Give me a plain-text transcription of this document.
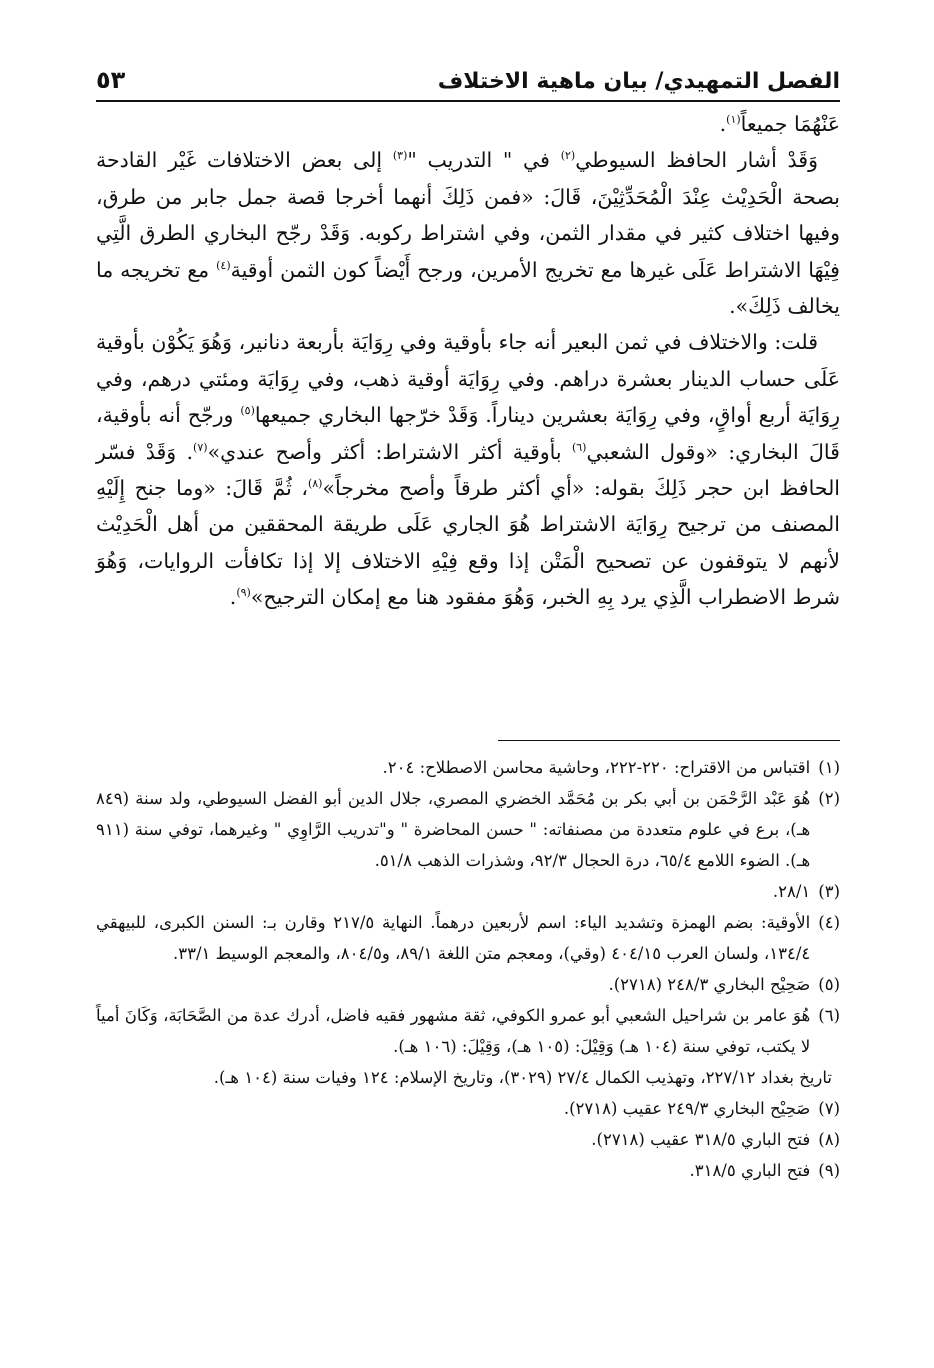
الفصل التمهيدي/ بيان ماهية الاختلاف
٥٣

عَنْهُمَا جميعاً$^{(١)}$.

وَقَدْ أشار الحافظ السيوطي$^{(٢)}$ في " التدريب "$^{(٣)}$ إلى بعض الاختلافات غَيْر القادحة بصحة الْحَدِيْث عِنْدَ الْمُحَدِّثِيْنَ، قَالَ: «فمن ذَلِكَ أنهما أخرجا قصة جمل جابر من طرق، وفيها اختلاف كثير في مقدار الثمن، وفي اشتراط ركوبه. وَقَدْ رجّح البخاري الطرق الَّتِي فِيْهَا الاشتراط عَلَى غيرها مع تخريج الأمرين، ورجح أَيْضاً كون الثمن أوقية$^{(٤)}$ مع تخريجه ما يخالف ذَلِكَ».

قلت: والاختلاف في ثمن البعير أنه جاء بأوقية وفي رِوَايَة بأربعة دنانير، وَهُوَ يَكُوْن بأوقية عَلَى حساب الدينار بعشرة دراهم. وفي رِوَايَة أوقية ذهب، وفي رِوَايَة ومئتي درهم، وفي رِوَايَة أربع أواقٍ، وفي رِوَايَة بعشرين ديناراً. وَقَدْ خرّجها البخاري جميعها$^{(٥)}$ ورجّح أنه بأوقية، قَالَ البخاري: «وقول الشعبي$^{(٦)}$ بأوقية أكثر الاشتراط: أكثر وأصح عندي»$^{(٧)}$. وَقَدْ فسّر الحافظ ابن حجر ذَلِكَ بقوله: «أي أكثر طرقاً وأصح مخرجاً»$^{(٨)}$، ثُمَّ قَالَ: «وما جنح إِلَيْهِ المصنف من ترجيح رِوَايَة الاشتراط هُوَ الجاري عَلَى طريقة المحققين من أهل الْحَدِيْث لأنهم لا يتوقفون عن تصحيح الْمَتْن إذا وقع فِيْهِ الاختلاف إلا إذا تكافأت الروايات، وَهُوَ شرط الاضطراب الَّذِي يرد بِهِ الخبر، وَهُوَ مفقود هنا مع إمكان الترجيح»$^{(٩)}$.

(١)
اقتباس من الاقتراح: ٢٢٠-٢٢٢، وحاشية محاسن الاصطلاح: ٢٠٤.
(٢)
هُوَ عَبْد الرَّحْمَن بن أبي بكر بن مُحَمَّد الخضري المصري، جلال الدين أبو الفضل السيوطي، ولد سنة (٨٤٩ هـ)، برع في علوم متعددة من مصنفاته: " حسن المحاضرة " و"تدريب الرَّاوِي " وغيرهما، توفي سنة (٩١١ هـ). الضوء اللامع ٦٥/٤، درة الحجال ٩٢/٣، وشذرات الذهب ٥١/٨.
(٣)
٢٨/١.
(٤)
الأوقية: بضم الهمزة وتشديد الياء: اسم لأربعين درهماً. النهاية ٢١٧/٥ وقارن بـ: السنن الكبرى، للبيهقي ١٣٤/٤، ولسان العرب ٤٠٤/١٥ (وقي)، ومعجم متن اللغة ٨٩/١، و٨٠٤/٥، والمعجم الوسيط ٣٣/١.
(٥)
صَحِيْح البخاري ٢٤٨/٣ (٢٧١٨).
(٦)
هُوَ عامر بن شراحيل الشعبي أبو عمرو الكوفي، ثقة مشهور فقيه فاضل، أدرك عدة من الصَّحَابَة، وَكَانَ أمياً لا يكتب، توفي سنة (١٠٤ هـ) وَقِيْلَ: (١٠٥ هـ)، وَقِيْلَ: (١٠٦ هـ).
تاريخ بغداد ٢٢٧/١٢، وتهذيب الكمال ٢٧/٤ (٣٠٢٩)، وتاريخ الإسلام: ١٢٤ وفيات سنة (١٠٤ هـ).
(٧)
صَحِيْح البخاري ٢٤٩/٣ عقيب (٢٧١٨).
(٨)
فتح الباري ٣١٨/٥ عقيب (٢٧١٨).
(٩)
فتح الباري ٣١٨/٥.
